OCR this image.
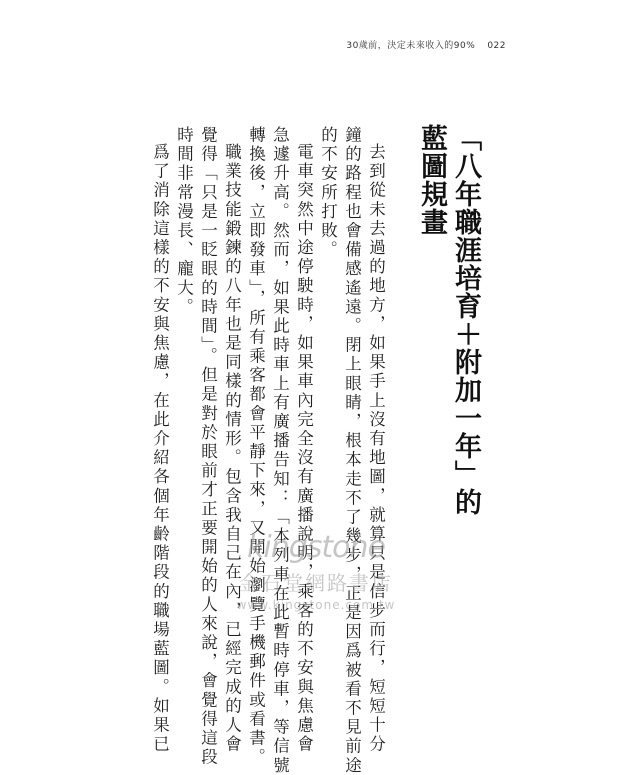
30歲前，決定未來收入的90% 022
「八年職涯培育＋附加一年」的
藍圖規畫
去到從未去過的地方，如果手上沒有地圖，就算只是信步而行，短短十分
鐘的路程也會備感遙遠。閉上眼睛，根本走不了幾步，正是因爲被看不見前途
的不安所打敗。
電車突然中途停駛時，如果車內完全沒有廣播說明，乘客的不安與焦慮會
急遽升高。然而，如果此時車上有廣播告知：「本列車在此暫時停車，等信號
轉換後，立即發車」，所有乘客都會平靜下來，又開始瀏覽手機郵件或看書。
職業技能鍛鍊的八年也是同樣的情形。包含我自己在內，已經完成的人會
覺得「只是一眨眼的時間」。但是對於眼前才正要開始的人來說，會覺得這段
時間非常漫長、龐大。
爲了消除這樣的不安與焦慮，在此介紹各個年齡階段的職場藍圖。如果已	kingstone
金石堂網路書店
www.kingstone.com.tw
